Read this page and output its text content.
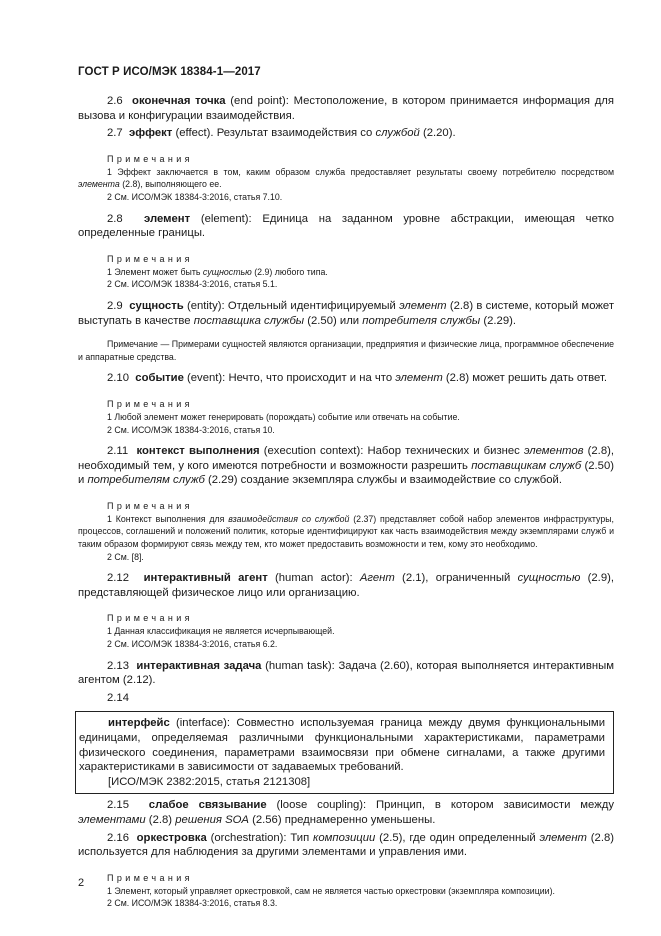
ГОСТ Р ИСО/МЭК 18384-1—2017

2.6 оконечная точка (end point): Местоположение, в котором принимается информация для вызова и конфигурации взаимодействия.

2.7 эффект (effect). Результат взаимодействия со службой (2.20).

Примечания

1 Эффект заключается в том, каким образом служба предоставляет результаты своему потребителю посредством элемента (2.8), выполняющего ее.

2 См. ИСО/МЭК 18384-3:2016, статья 7.10.

2.8 элемент (element): Единица на заданном уровне абстракции, имеющая четко определенные границы.

Примечания

1 Элемент может быть сущностью (2.9) любого типа.

2 См. ИСО/МЭК 18384-3:2016, статья 5.1.

2.9 сущность (entity): Отдельный идентифицируемый элемент (2.8) в системе, который может выступать в качестве поставщика службы (2.50) или потребителя службы (2.29).

Примечание — Примерами сущностей являются организации, предприятия и физические лица, программное обеспечение и аппаратные средства.

2.10 событие (event): Нечто, что происходит и на что элемент (2.8) может решить дать ответ.

Примечания

1 Любой элемент может генерировать (порождать) событие или отвечать на событие.

2 См. ИСО/МЭК 18384-3:2016, статья 10.

2.11 контекст выполнения (execution context): Набор технических и бизнес элементов (2.8), необходимый тем, у кого имеются потребности и возможности разрешить поставщикам служб (2.50) и потребителям служб (2.29) создание экземпляра службы и взаимодействие со службой.

Примечания

1 Контекст выполнения для взаимодействия со службой (2.37) представляет собой набор элементов инфраструктуры, процессов, соглашений и положений политик, которые идентифицируют как часть взаимодействия между экземплярами служб и таким образом формируют связь между тем, кто может предоставить возможности и тем, кому это необходимо.

2 См. [8].

2.12 интерактивный агент (human actor): Агент (2.1), ограниченный сущностью (2.9), представляющей физическое лицо или организацию.

Примечания

1 Данная классификация не является исчерпывающей.

2 См. ИСО/МЭК 18384-3:2016, статья 6.2.

2.13 интерактивная задача (human task): Задача (2.60), которая выполняется интерактивным агентом (2.12).

2.14

интерфейс (interface): Совместно используемая граница между двумя функциональными единицами, определяемая различными функциональными характеристиками, параметрами физического соединения, параметрами взаимосвязи при обмене сигналами, а также другими характеристиками в зависимости от задаваемых требований.

[ИСО/МЭК 2382:2015, статья 2121308]

2.15 слабое связывание (loose coupling): Принцип, в котором зависимости между элементами (2.8) решения SOA (2.56) преднамеренно уменьшены.

2.16 оркестровка (orchestration): Тип композиции (2.5), где один определенный элемент (2.8) используется для наблюдения за другими элементами и управления ими.

Примечания

1 Элемент, который управляет оркестровкой, сам не является частью оркестровки (экземпляра композиции).

2 См. ИСО/МЭК 18384-3:2016, статья 8.3.

2
